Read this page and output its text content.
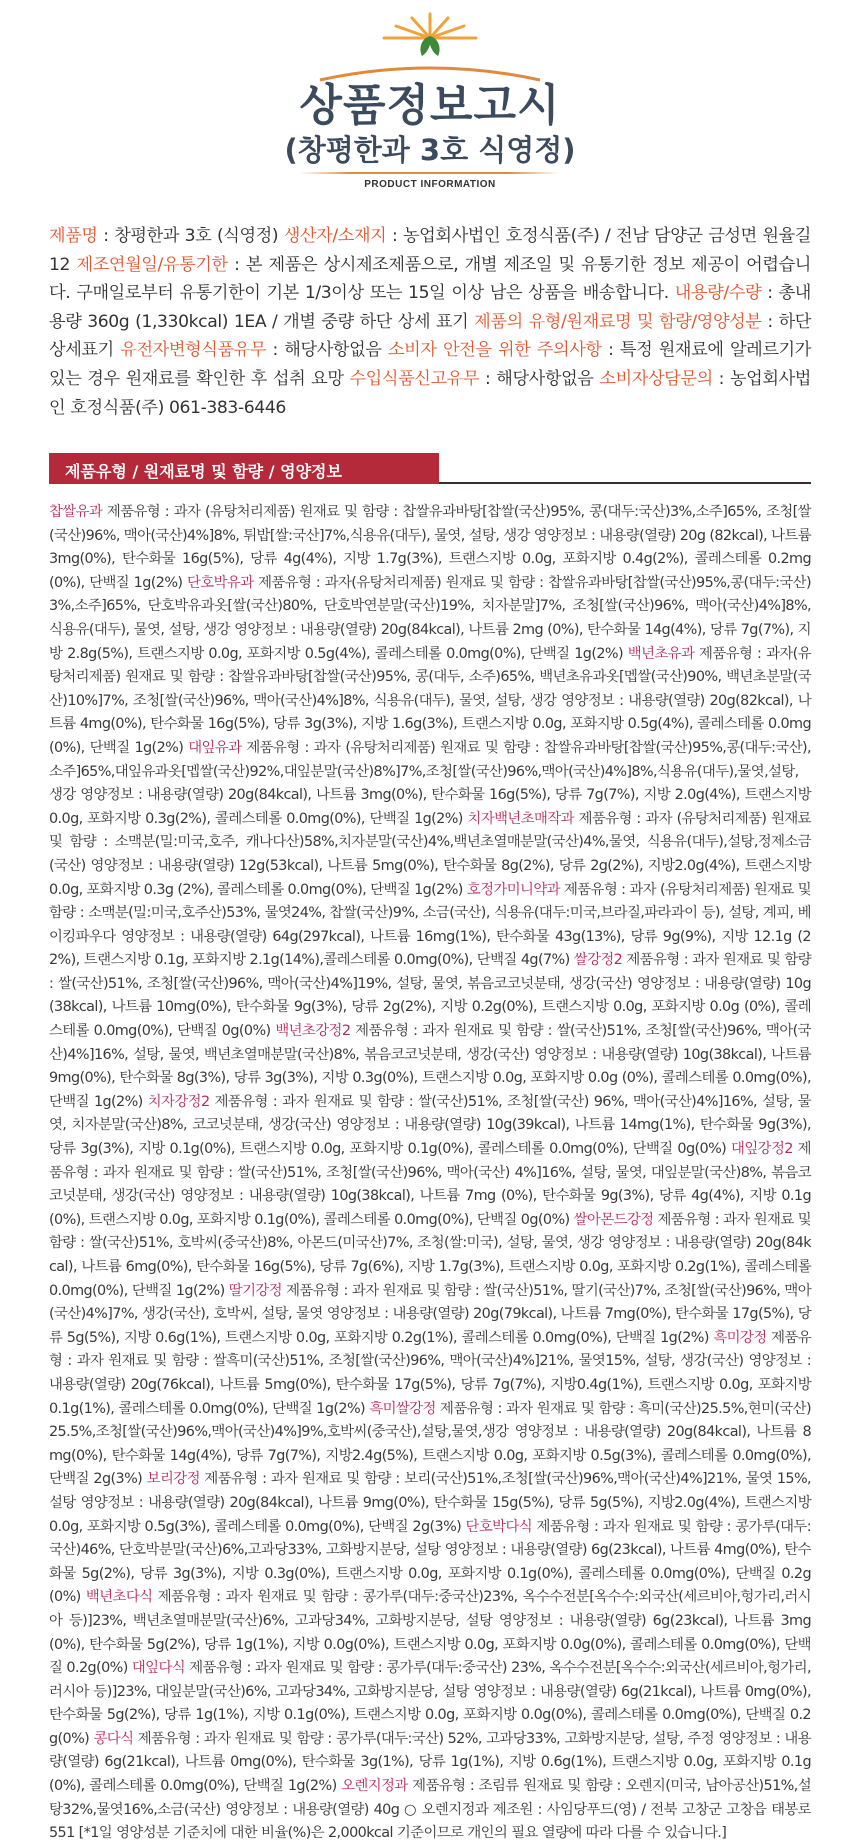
상품정보고시
(창평한과 3호 식영정)
PRODUCT INFORMATION
제품명 : 창평한과 3호 (식영정) 생산자/소재지 : 농업회사법인 호정식품(주) / 전남 담양군 금성면 원율길 12 제조연월일/유통기한 : 본 제품은 상시제조제품으로, 개별 제조일 및 유통기한 정보 제공이 어렵습니다. 구매일로부터 유통기한이 기본 1/3이상 또는 15일 이상 남은 상품을 배송합니다. 내용량/수량 : 총내용량 360g (1,330kcal) 1EA / 개별 중량 하단 상세 표기 제품의 유형/원재료명 및 함량/영양성분 : 하단상세표기 유전자변형식품유무 : 해당사항없음 소비자 안전을 위한 주의사항 : 특정 원재료에 알레르기가 있는 경우 원재료를 확인한 후 섭취 요망 수입식품신고유무 : 해당사항없음 소비자상담문의 : 농업회사법인 호정식품(주) 061-383-6446
제품유형 / 원재료명 및 함량 / 영양정보
찹쌀유과 제품유형 : 과자 (유탕처리제품) 원재료 및 함량 : 찹쌀유과바탕[찹쌀(국산)95%, 콩(대두:국산)3%,소주]65%, 조청[쌀(국산)96%, 맥아(국산)4%]8%, 튀밥[쌀:국산]7%,식용유(대두), 물엿, 설탕, 생강 영양정보 : 내용량(열량) 20g (82kcal), 나트륨 3mg(0%), 탄수화물 16g(5%), 당류 4g(4%), 지방 1.7g(3%), 트랜스지방 0.0g, 포화지방 0.4g(2%), 콜레스테롤 0.2mg(0%), 단백질 1g(2%) 단호박유과 제품유형 : 과자(유탕처리제품) 원재료 및 함량 : 찹쌀유과바탕[찹쌀(국산)95%,콩(대두:국산)3%,소주]65%, 단호박유과옷[쌀(국산)80%, 단호박연분말(국산)19%, 치자분말]7%, 조청[쌀(국산)96%, 맥아(국산)4%]8%, 식용유(대두), 물엿, 설탕, 생강 영양정보 : 내용량(열량) 20g(84kcal), 나트륨 2mg (0%), 탄수화물 14g(4%), 당류 7g(7%), 지방 2.8g(5%), 트랜스지방 0.0g, 포화지방 0.5g(4%), 콜레스테롤 0.0mg(0%), 단백질 1g(2%) 백년초유과 제품유형 : 과자(유탕처리제품) 원재료 및 함량 : 찹쌀유과바탕[찹쌀(국산)95%, 콩(대두, 소주)65%, 백년초유과옷[멥쌀(국산)90%, 백년초분말(국산)10%]7%, 조청[쌀(국산)96%, 맥아(국산)4%]8%, 식용유(대두), 물엿, 설탕, 생강 영양정보 : 내용량(열량) 20g(82kcal), 나트륨 4mg(0%), 탄수화물 16g(5%), 당류 3g(3%), 지방 1.6g(3%), 트랜스지방 0.0g, 포화지방 0.5g(4%), 콜레스테롤 0.0mg(0%), 단백질 1g(2%) 대잎유과 제품유형 : 과자 (유탕처리제품) 원재료 및 함량 : 찹쌀유과바탕[찹쌀(국산)95%,콩(대두:국산),소주]65%,대잎유과옷[멥쌀(국산)92%,대잎분말(국산)8%]7%,조청[쌀(국산)96%,맥아(국산)4%]8%,식용유(대두),물엿,설탕,생강 영양정보 : 내용량(열량) 20g(84kcal), 나트륨 3mg(0%), 탄수화물 16g(5%), 당류 7g(7%), 지방 2.0g(4%), 트랜스지방 0.0g, 포화지방 0.3g(2%), 콜레스테롤 0.0mg(0%), 단백질 1g(2%) 치자백년초매작과 제품유형 : 과자 (유탕처리제품) 원재료 및 함량 : 소맥분(밀:미국,호주, 캐나다산)58%,치자분말(국산)4%,백년초열매분말(국산)4%,물엿, 식용유(대두),설탕,정제소금(국산) 영양정보 : 내용량(열량) 12g(53kcal), 나트륨 5mg(0%), 탄수화물 8g(2%), 당류 2g(2%), 지방2.0g(4%), 트랜스지방 0.0g, 포화지방 0.3g (2%), 콜레스테롤 0.0mg(0%), 단백질 1g(2%) 호정가미니약과 제품유형 : 과자 (유탕처리제품) 원재료 및 함량 : 소맥분(밀:미국,호주산)53%, 물엿24%, 찹쌀(국산)9%, 소금(국산), 식용유(대두:미국,브라질,파라과이 등), 설탕, 계피, 베이킹파우다 영양정보 : 내용량(열량) 64g(297kcal), 나트륨 16mg(1%), 탄수화물 43g(13%), 당류 9g(9%), 지방 12.1g (22%), 트랜스지방 0.1g, 포화지방 2.1g(14%),콜레스테롤 0.0mg(0%), 단백질 4g(7%) 쌀강정2 제품유형 : 과자 원재료 및 함량 : 쌀(국산)51%, 조청[쌀(국산)96%, 맥아(국산)4%]19%, 설탕, 물엿, 볶음코코넛분태, 생강(국산) 영양정보 : 내용량(열량) 10g(38kcal), 나트륨 10mg(0%), 탄수화물 9g(3%), 당류 2g(2%), 지방 0.2g(0%), 트랜스지방 0.0g, 포화지방 0.0g (0%), 콜레스테롤 0.0mg(0%), 단백질 0g(0%) 백년초강정2 제품유형 : 과자 원재료 및 함량 : 쌀(국산)51%, 조청[쌀(국산)96%, 맥아(국산)4%]16%, 설탕, 물엿, 백년초열매분말(국산)8%, 볶음코코넛분태, 생강(국산) 영양정보 : 내용량(열량) 10g(38kcal), 나트륨 9mg(0%), 탄수화물 8g(3%), 당류 3g(3%), 지방 0.3g(0%), 트랜스지방 0.0g, 포화지방 0.0g (0%), 콜레스테롤 0.0mg(0%), 단백질 1g(2%) 치자강정2 제품유형 : 과자 원재료 및 함량 : 쌀(국산)51%, 조청[쌀(국산) 96%, 맥아(국산)4%]16%, 설탕, 물엿, 치자분말(국산)8%, 코코넛분태, 생강(국산) 영양정보 : 내용량(열량) 10g(39kcal), 나트륨 14mg(1%), 탄수화물 9g(3%), 당류 3g(3%), 지방 0.1g(0%), 트랜스지방 0.0g, 포화지방 0.1g(0%), 콜레스테롤 0.0mg(0%), 단백질 0g(0%) 대잎강정2 제품유형 : 과자 원재료 및 함량 : 쌀(국산)51%, 조청[쌀(국산)96%, 맥아(국산) 4%]16%, 설탕, 물엿, 대잎분말(국산)8%, 볶음코코넛분태, 생강(국산) 영양정보 : 내용량(열량) 10g(38kcal), 나트륨 7mg (0%), 탄수화물 9g(3%), 당류 4g(4%), 지방 0.1g(0%), 트랜스지방 0.0g, 포화지방 0.1g(0%), 콜레스테롤 0.0mg(0%), 단백질 0g(0%) 쌀아몬드강정 제품유형 : 과자 원재료 및 함량 : 쌀(국산)51%, 호박씨(중국산)8%, 아몬드(미국산)7%, 조청(쌀:미국), 설탕, 물엿, 생강 영양정보 : 내용량(열량) 20g(84kcal), 나트륨 6mg(0%), 탄수화물 16g(5%), 당류 7g(6%), 지방 1.7g(3%), 트랜스지방 0.0g, 포화지방 0.2g(1%), 콜레스테롤 0.0mg(0%), 단백질 1g(2%) 딸기강정 제품유형 : 과자 원재료 및 함량 : 쌀(국산)51%, 딸기(국산)7%, 조청[쌀(국산)96%, 맥아(국산)4%]7%, 생강(국산), 호박씨, 설탕, 물엿 영양정보 : 내용량(열량) 20g(79kcal), 나트륨 7mg(0%), 탄수화물 17g(5%), 당류 5g(5%), 지방 0.6g(1%), 트랜스지방 0.0g, 포화지방 0.2g(1%), 콜레스테롤 0.0mg(0%), 단백질 1g(2%) 흑미강정 제품유형 : 과자 원재료 및 함량 : 쌀흑미(국산)51%, 조청[쌀(국산)96%, 맥아(국산)4%]21%, 물엿15%, 설탕, 생강(국산) 영양정보 : 내용량(열량) 20g(76kcal), 나트륨 5mg(0%), 탄수화물 17g(5%), 당류 7g(7%), 지방0.4g(1%), 트랜스지방 0.0g, 포화지방 0.1g(1%), 콜레스테롤 0.0mg(0%), 단백질 1g(2%) 흑미쌀강정 제품유형 : 과자 원재료 및 함량 : 흑미(국산)25.5%,현미(국산)25.5%,조청[쌀(국산)96%,맥아(국산)4%]9%,호박씨(중국산),설탕,물엿,생강 영양정보 : 내용량(열량) 20g(84kcal), 나트륨 8mg(0%), 탄수화물 14g(4%), 당류 7g(7%), 지방2.4g(5%), 트랜스지방 0.0g, 포화지방 0.5g(3%), 콜레스테롤 0.0mg(0%), 단백질 2g(3%) 보리강정 제품유형 : 과자 원재료 및 함량 : 보리(국산)51%,조청[쌀(국산)96%,맥아(국산)4%]21%, 물엿 15%,설탕 영양정보 : 내용량(열량) 20g(84kcal), 나트륨 9mg(0%), 탄수화물 15g(5%), 당류 5g(5%), 지방2.0g(4%), 트랜스지방 0.0g, 포화지방 0.5g(3%), 콜레스테롤 0.0mg(0%), 단백질 2g(3%) 단호박다식 제품유형 : 과자 원재료 및 함량 : 콩가루(대두:국산)46%, 단호박분말(국산)6%,고과당33%, 고화방지분당, 설탕 영양정보 : 내용량(열량) 6g(23kcal), 나트륨 4mg(0%), 탄수화물 5g(2%), 당류 3g(3%), 지방 0.3g(0%), 트랜스지방 0.0g, 포화지방 0.1g(0%), 콜레스테롤 0.0mg(0%), 단백질 0.2g(0%) 백년초다식 제품유형 : 과자 원재료 및 함량 : 콩가루(대두:중국산)23%, 옥수수전분[옥수수:외국산(세르비아,헝가리,러시아 등)]23%, 백년초열매분말(국산)6%, 고과당34%, 고화방지분당, 설탕 영양정보 : 내용량(열량) 6g(23kcal), 나트륨 3mg(0%), 탄수화물 5g(2%), 당류 1g(1%), 지방 0.0g(0%), 트랜스지방 0.0g, 포화지방 0.0g(0%), 콜레스테롤 0.0mg(0%), 단백질 0.2g(0%) 대잎다식 제품유형 : 과자 원재료 및 함량 : 콩가루(대두:중국산) 23%, 옥수수전분[옥수수:외국산(세르비아,헝가리,러시아 등)]23%, 대잎분말(국산)6%, 고과당34%, 고화방지분당, 설탕 영양정보 : 내용량(열량) 6g(21kcal), 나트륨 0mg(0%), 탄수화물 5g(2%), 당류 1g(1%), 지방 0.1g(0%), 트랜스지방 0.0g, 포화지방 0.0g(0%), 콜레스테롤 0.0mg(0%), 단백질 0.2g(0%) 콩다식 제품유형 : 과자 원재료 및 함량 : 콩가루(대두:국산) 52%, 고과당33%, 고화방지분당, 설탕, 주정 영양정보 : 내용량(열량) 6g(21kcal), 나트륨 0mg(0%), 탄수화물 3g(1%), 당류 1g(1%), 지방 0.6g(1%), 트랜스지방 0.0g, 포화지방 0.1g(0%), 콜레스테롤 0.0mg(0%), 단백질 1g(2%) 오렌지정과 제품유형 : 조림류 원재료 및 함량 : 오렌지(미국, 남아공산)51%,설탕32%,물엿16%,소금(국산) 영양정보 : 내용량(열량) 40g ○ 오렌지정과 제조원 : 사임당푸드(영) / 전북 고창군 고창읍 태봉로 551 [*1일 영양성분 기준치에 대한 비율(%)은 2,000kcal 기준이므로 개인의 필요 열량에 따라 다를 수 있습니다.]
